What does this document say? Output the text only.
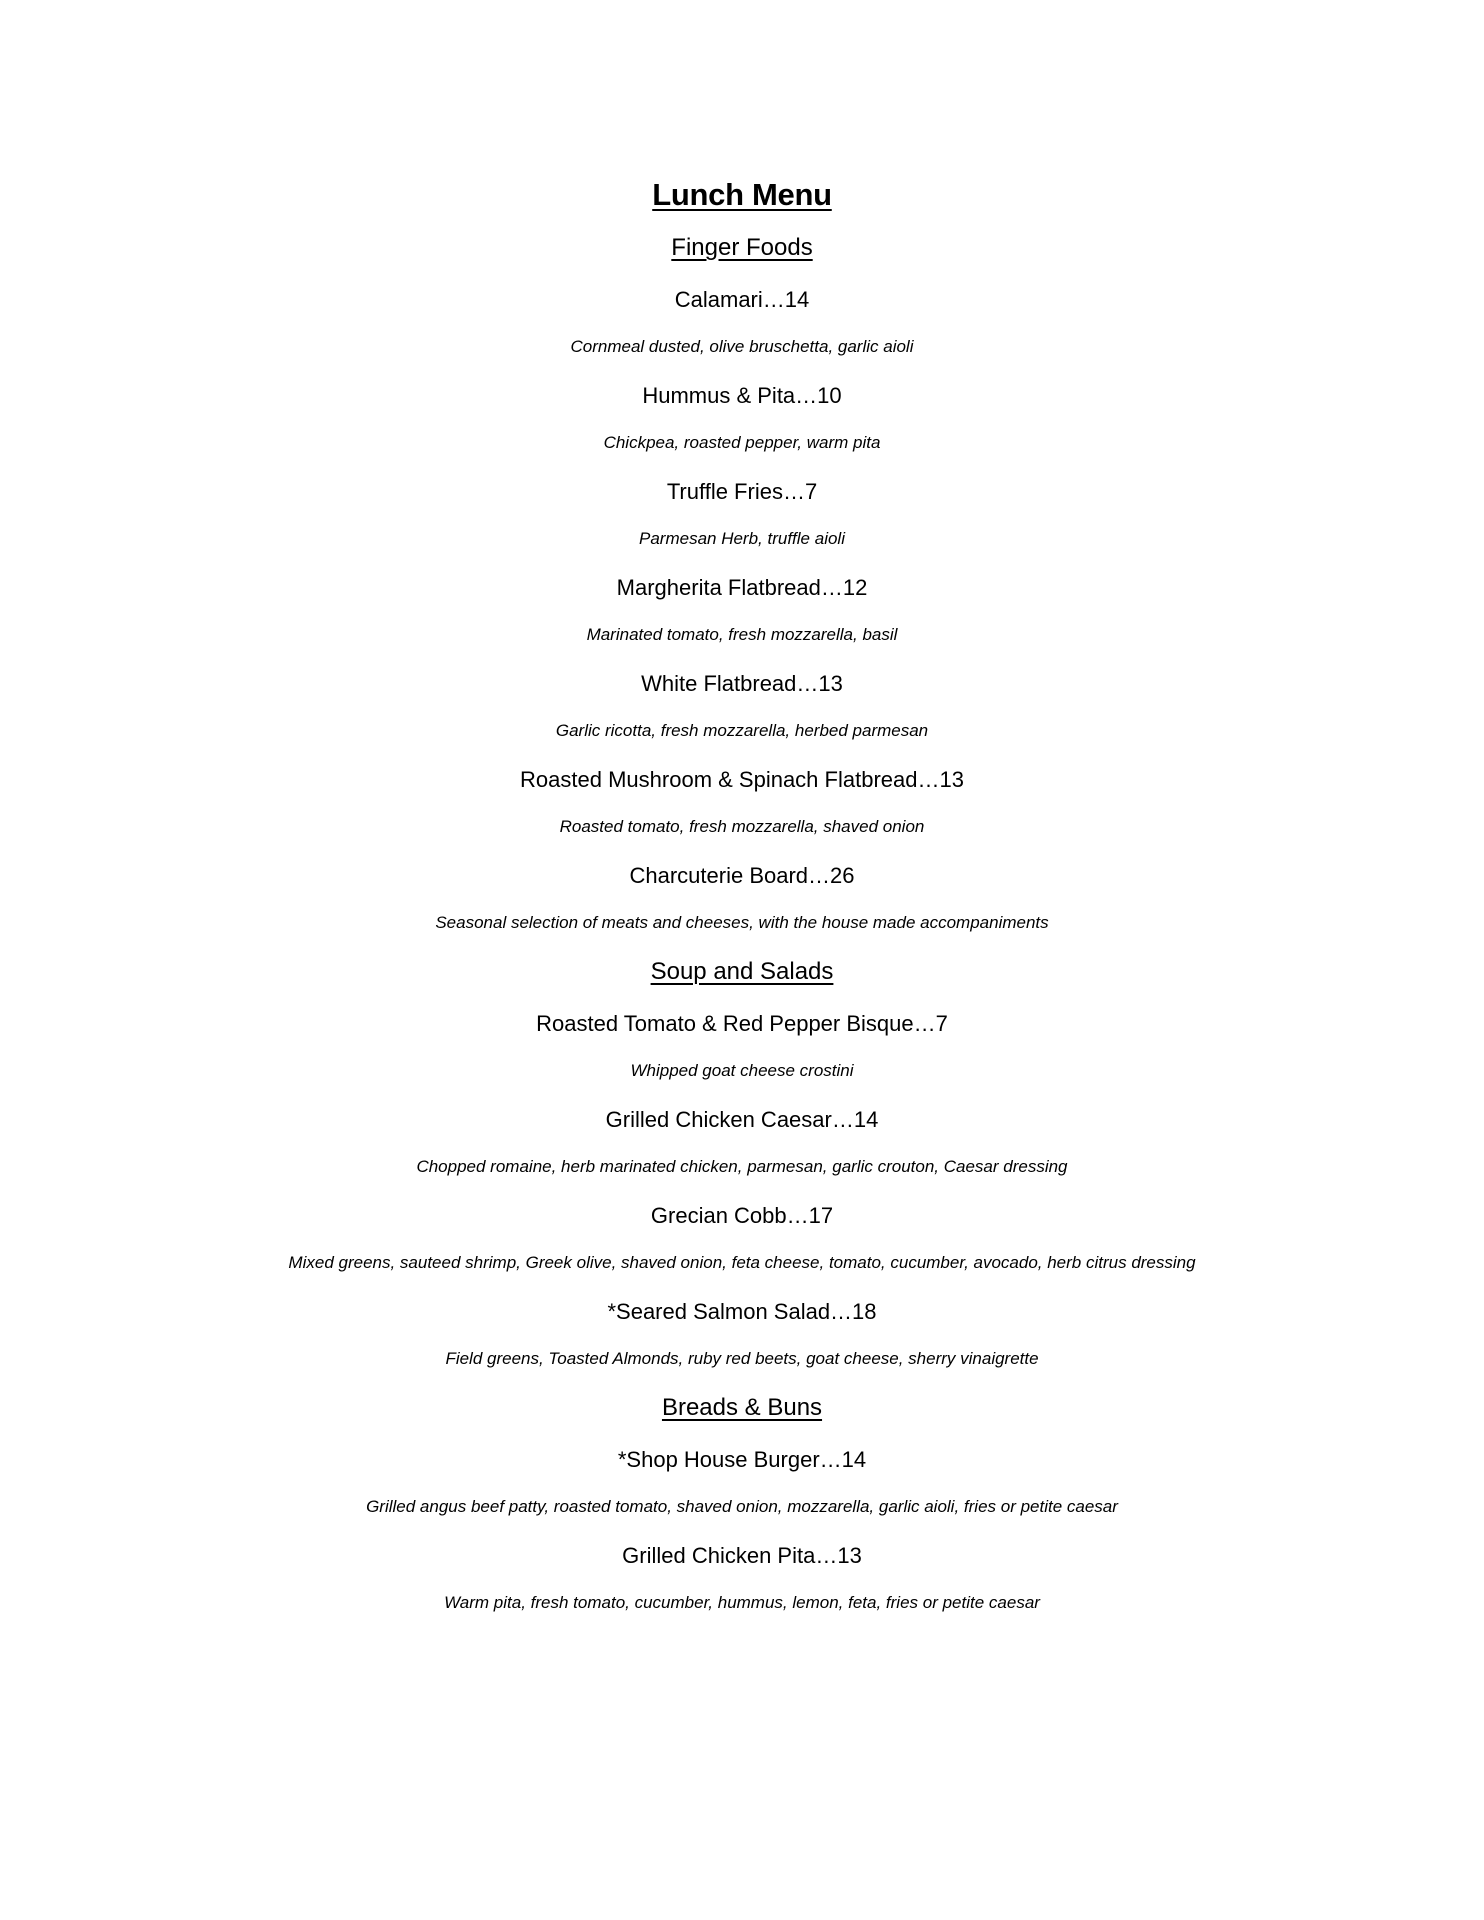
Lunch Menu
Finger Foods
Calamari…14
Cornmeal dusted, olive bruschetta, garlic aioli
Hummus & Pita…10
Chickpea, roasted pepper, warm pita
Truffle Fries…7
Parmesan Herb, truffle aioli
Margherita Flatbread…12
Marinated tomato, fresh mozzarella, basil
White Flatbread…13
Garlic ricotta, fresh mozzarella, herbed parmesan
Roasted Mushroom & Spinach Flatbread…13
Roasted tomato, fresh mozzarella, shaved onion
Charcuterie Board…26
Seasonal selection of meats and cheeses, with the house made accompaniments
Soup and Salads
Roasted Tomato & Red Pepper Bisque…7
Whipped goat cheese crostini
Grilled Chicken Caesar…14
Chopped romaine, herb marinated chicken, parmesan, garlic crouton, Caesar dressing
Grecian Cobb…17
Mixed greens, sauteed shrimp, Greek olive, shaved onion, feta cheese, tomato, cucumber, avocado, herb citrus dressing
*Seared Salmon Salad…18
Field greens, Toasted Almonds, ruby red beets, goat cheese, sherry vinaigrette
Breads & Buns
*Shop House Burger…14
Grilled angus beef patty, roasted tomato, shaved onion, mozzarella, garlic aioli, fries or petite caesar
Grilled Chicken Pita…13
Warm pita, fresh tomato, cucumber, hummus, lemon, feta, fries or petite caesar
